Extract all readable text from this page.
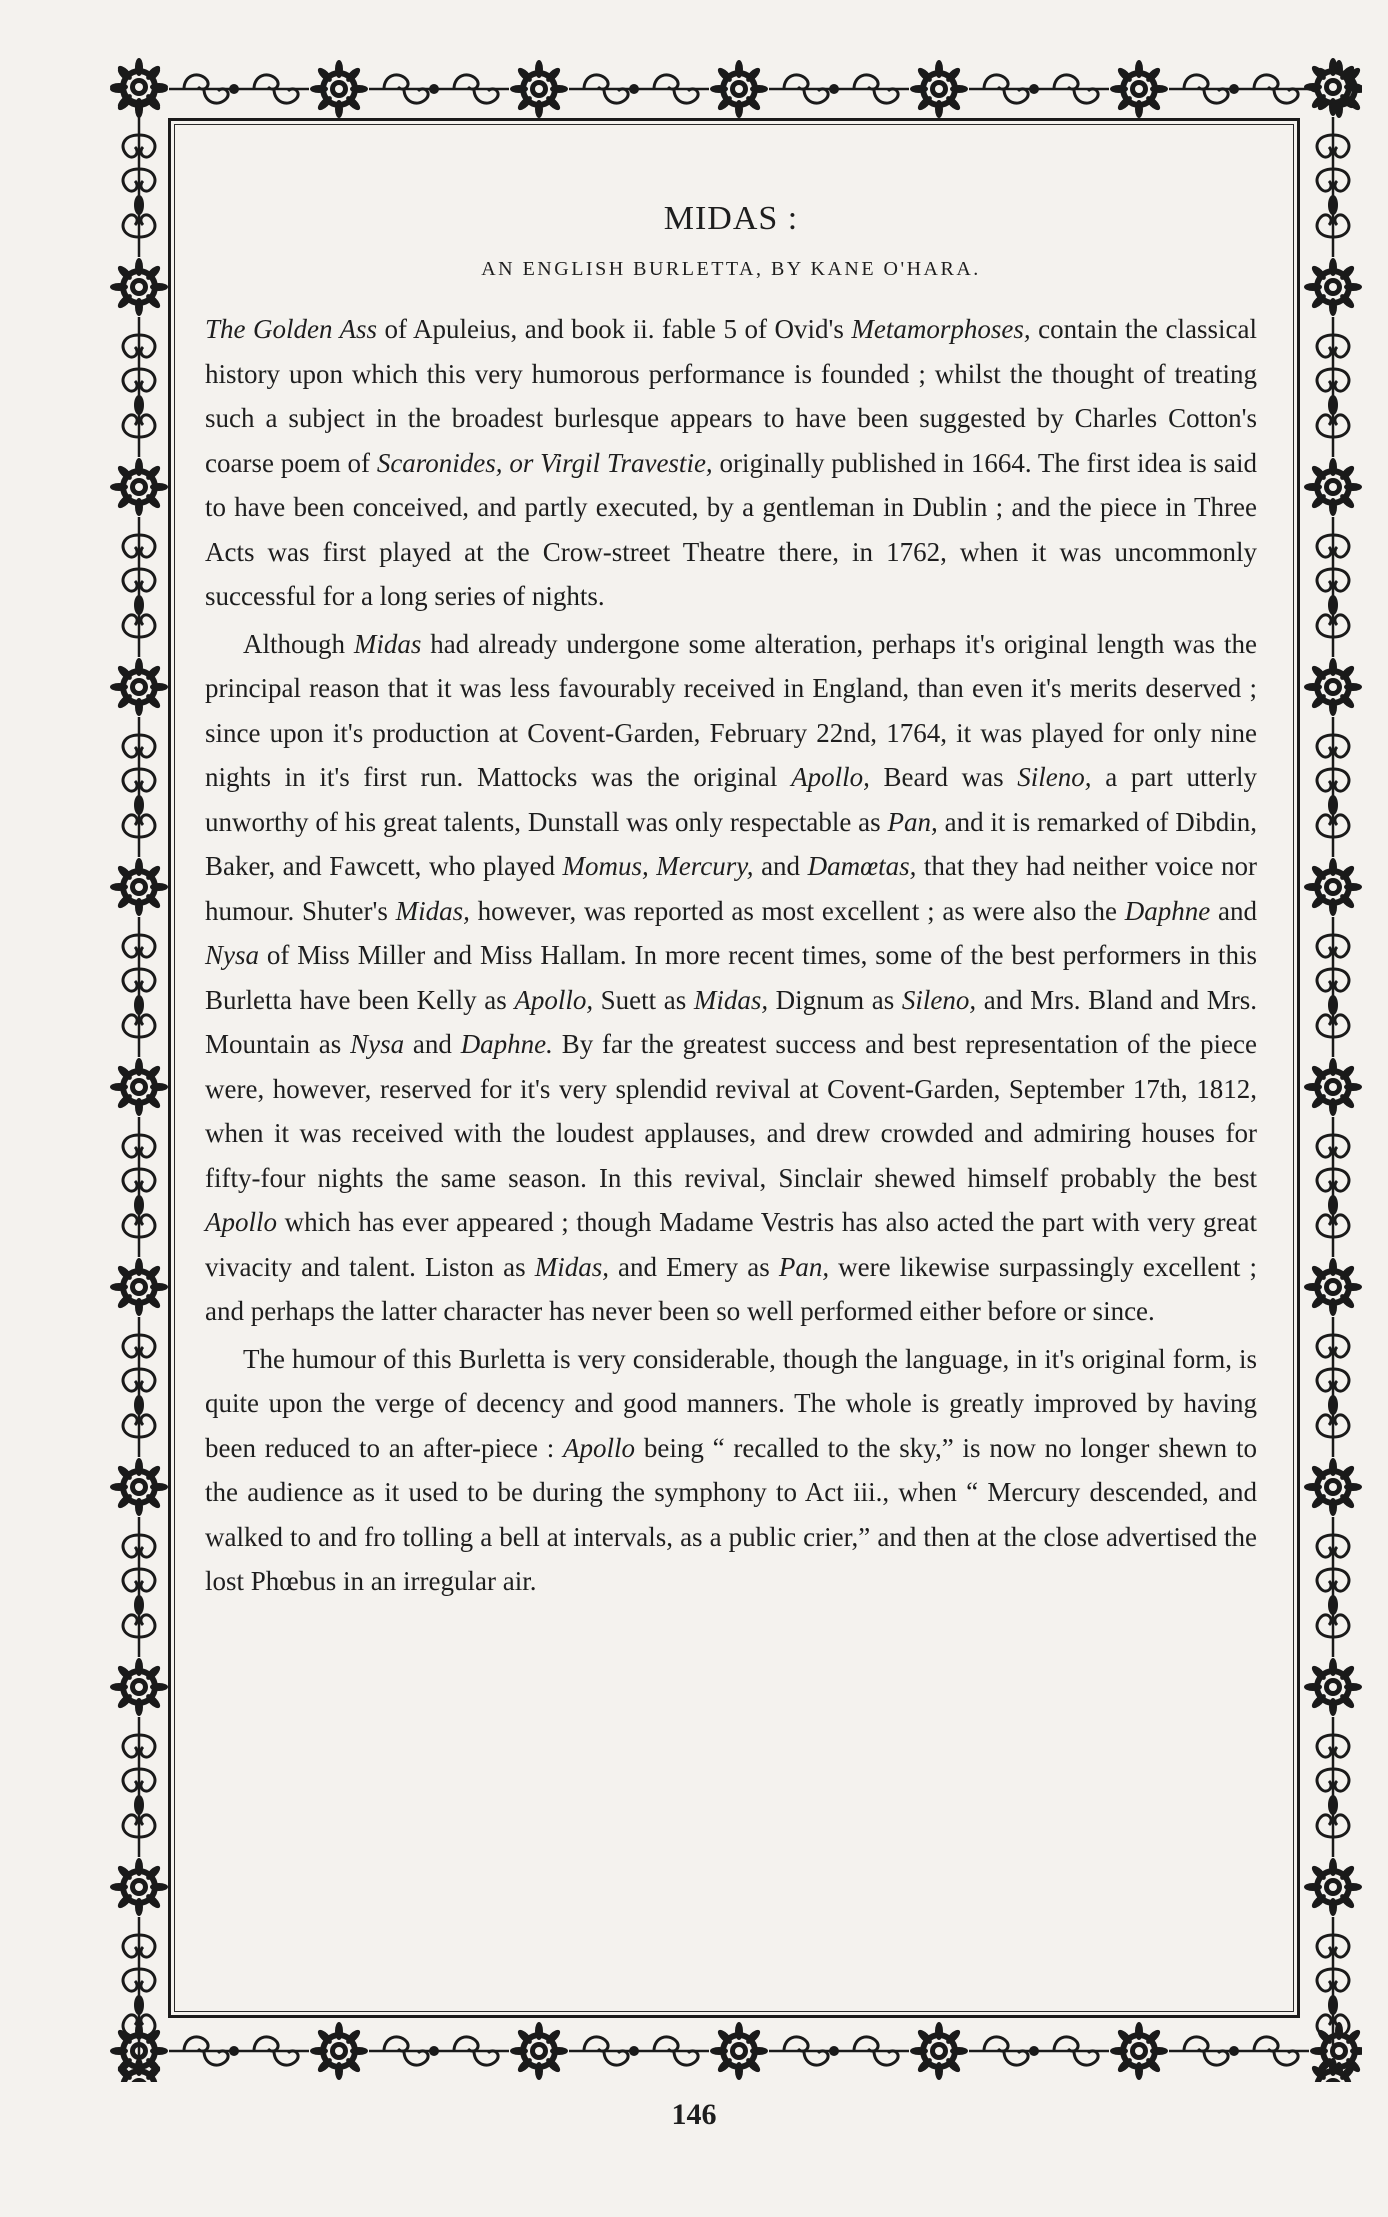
MIDAS :
AN ENGLISH BURLETTA, BY KANE O'HARA.

The Golden Ass of Apuleius, and book ii. fable 5 of Ovid's Metamorphoses, contain the classical history upon which this very humorous performance is founded ; whilst the thought of treating such a subject in the broadest burlesque appears to have been suggested by Charles Cotton's coarse poem of Scaronides, or Virgil Travestie, originally published in 1664. The first idea is said to have been conceived, and partly executed, by a gentleman in Dublin ; and the piece in Three Acts was first played at the Crow-street Theatre there, in 1762, when it was uncommonly successful for a long series of nights.

Although Midas had already undergone some alteration, perhaps it's original length was the principal reason that it was less favourably received in England, than even it's merits deserved ; since upon it's production at Covent-Garden, February 22nd, 1764, it was played for only nine nights in it's first run. Mattocks was the original Apollo, Beard was Sileno, a part utterly unworthy of his great talents, Dunstall was only respectable as Pan, and it is remarked of Dibdin, Baker, and Fawcett, who played Momus, Mercury, and Damœtas, that they had neither voice nor humour. Shuter's Midas, however, was reported as most excellent ; as were also the Daphne and Nysa of Miss Miller and Miss Hallam. In more recent times, some of the best performers in this Burletta have been Kelly as Apollo, Suett as Midas, Dignum as Sileno, and Mrs. Bland and Mrs. Mountain as Nysa and Daphne. By far the greatest success and best representation of the piece were, however, reserved for it's very splendid revival at Covent-Garden, September 17th, 1812, when it was received with the loudest applauses, and drew crowded and admiring houses for fifty-four nights the same season. In this revival, Sinclair shewed himself probably the best Apollo which has ever appeared ; though Madame Vestris has also acted the part with very great vivacity and talent. Liston as Midas, and Emery as Pan, were likewise surpassingly excellent ; and perhaps the latter character has never been so well performed either before or since.

The humour of this Burletta is very considerable, though the language, in it's original form, is quite upon the verge of decency and good manners. The whole is greatly improved by having been reduced to an after-piece : Apollo being “ recalled to the sky,” is now no longer shewn to the audience as it used to be during the symphony to Act iii., when “ Mercury descended, and walked to and fro tolling a bell at intervals, as a public crier,” and then at the close advertised the lost Phœbus in an irregular air.

146
